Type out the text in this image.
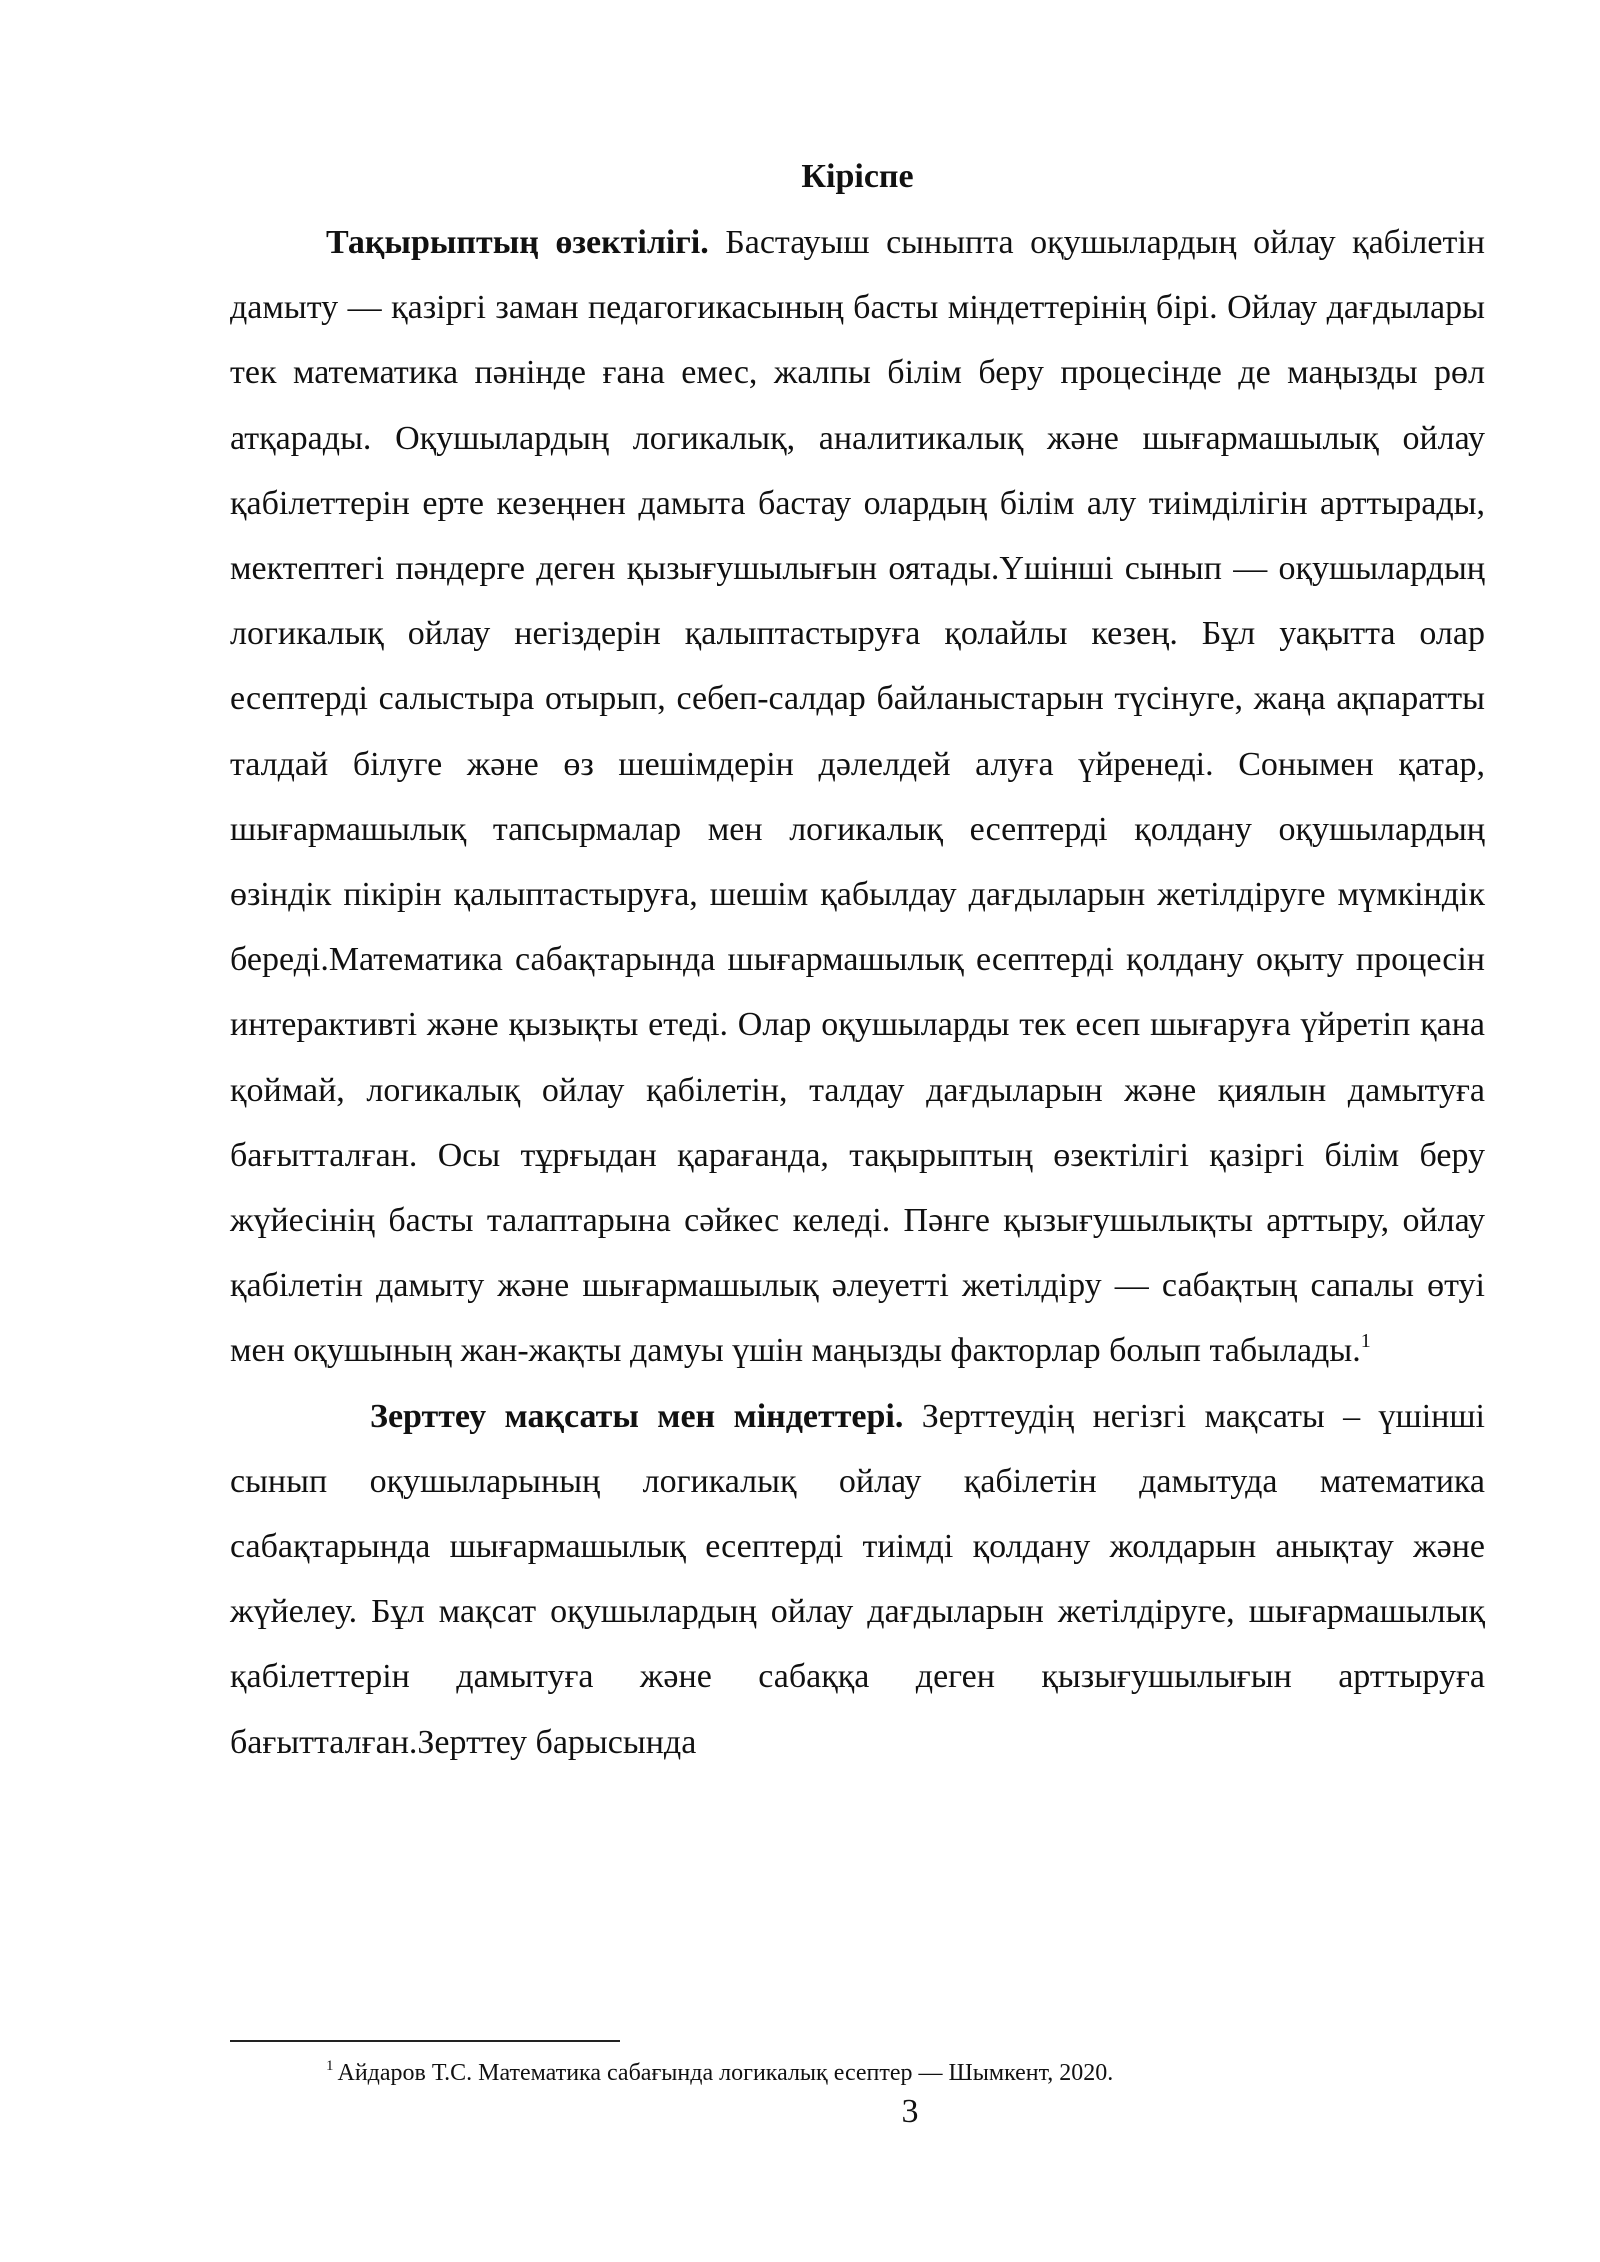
Кіріспе

Тақырыптың өзектілігі. Бастауыш сыныпта оқушылардың ойлау қабілетін дамыту — қазіргі заман педагогикасының басты міндеттерінің бірі. Ойлау дағдылары тек математика пәнінде ғана емес, жалпы білім беру процесінде де маңызды рөл атқарады. Оқушылардың логикалық, аналитикалық және шығармашылық ойлау қабілеттерін ерте кезеңнен дамыта бастау олардың білім алу тиімділігін арттырады, мектептегі пәндерге деген қызығушылығын оятады.Үшінші сынып — оқушылардың логикалық ойлау негіздерін қалыптастыруға қолайлы кезең. Бұл уақытта олар есептерді салыстыра отырып, себеп-салдар байланыстарын түсінуге, жаңа ақпаратты талдай білуге және өз шешімдерін дәлелдей алуға үйренеді. Сонымен қатар, шығармашылық тапсырмалар мен логикалық есептерді қолдану оқушылардың өзіндік пікірін қалыптастыруға, шешім қабылдау дағдыларын жетілдіруге мүмкіндік береді.Математика сабақтарында шығармашылық есептерді қолдану оқыту процесін интерактивті және қызықты етеді. Олар оқушыларды тек есеп шығаруға үйретіп қана қоймай, логикалық ойлау қабілетін, талдау дағдыларын және қиялын дамытуға бағытталған. Осы тұрғыдан қарағанда, тақырыптың өзектілігі қазіргі білім беру жүйесінің басты талаптарына сәйкес келеді. Пәнге қызығушылықты арттыру, ойлау қабілетін дамыту және шығармашылық әлеуетті жетілдіру — сабақтың сапалы өтуі мен оқушының жан-жақты дамуы үшін маңызды факторлар болып табылады.$^1$

Зерттеу мақсаты мен міндеттері. Зерттеудің негізгі мақсаты – үшінші сынып оқушыларының логикалық ойлау қабілетін дамытуда математика сабақтарында шығармашылық есептерді тиімді қолдану жолдарын анықтау және жүйелеу. Бұл мақсат оқушылардың ойлау дағдыларын жетілдіруге, шығармашылық қабілеттерін дамытуға және сабаққа деген қызығушылығын арттыруға бағытталған.Зерттеу барысында

$^1$ Айдаров Т.С. Математика сабағында логикалық есептер — Шымкент, 2020.
3
